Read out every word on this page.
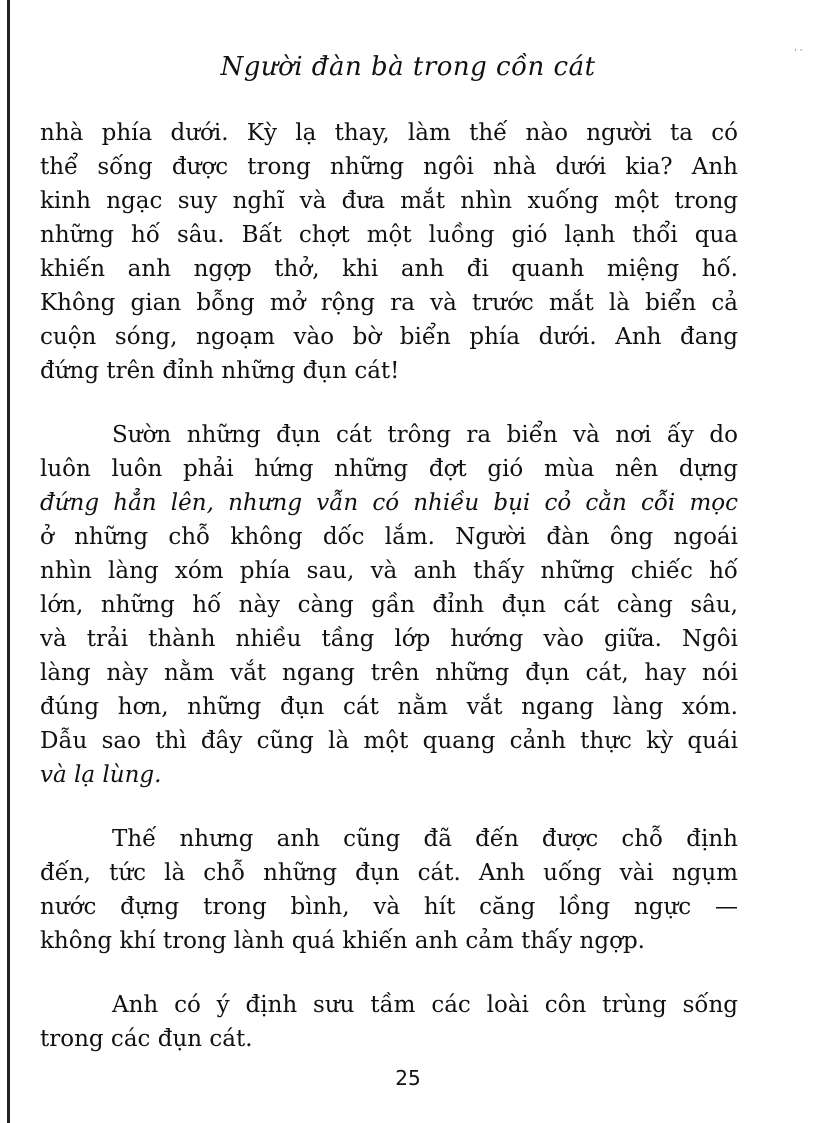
· ·
Người đàn bà trong cồn cát
nhà phía dưới. Kỳ lạ thay, làm thế nào người ta có
thể sống được trong những ngôi nhà dưới kia? Anh
kinh ngạc suy nghĩ và đưa mắt nhìn xuống một trong
những hố sâu. Bất chợt một luồng gió lạnh thổi qua
khiến anh ngợp thở, khi anh đi quanh miệng hố.
Không gian bỗng mở rộng ra và trước mắt là biển cả
cuộn sóng, ngoạm vào bờ biển phía dưới. Anh đang
đứng trên đỉnh những đụn cát!
Sườn những đụn cát trông ra biển và nơi ấy do
luôn luôn phải hứng những đợt gió mùa nên dựng
đứng hẳn lên, nhưng vẫn có nhiều bụi cỏ cằn cỗi mọc
ở những chỗ không dốc lắm. Người đàn ông ngoái
nhìn làng xóm phía sau, và anh thấy những chiếc hố
lớn, những hố này càng gần đỉnh đụn cát càng sâu,
và trải thành nhiều tầng lớp hướng vào giữa. Ngôi
làng này nằm vắt ngang trên những đụn cát, hay nói
đúng hơn, những đụn cát nằm vắt ngang làng xóm.
Dẫu sao thì đây cũng là một quang cảnh thực kỳ quái
và lạ lùng.
Thế nhưng anh cũng đã đến được chỗ định
đến, tức là chỗ những đụn cát. Anh uống vài ngụm
nước đựng trong bình, và hít căng lồng ngực —
không khí trong lành quá khiến anh cảm thấy ngợp.
Anh có ý định sưu tầm các loài côn trùng sống
trong các đụn cát.
25
